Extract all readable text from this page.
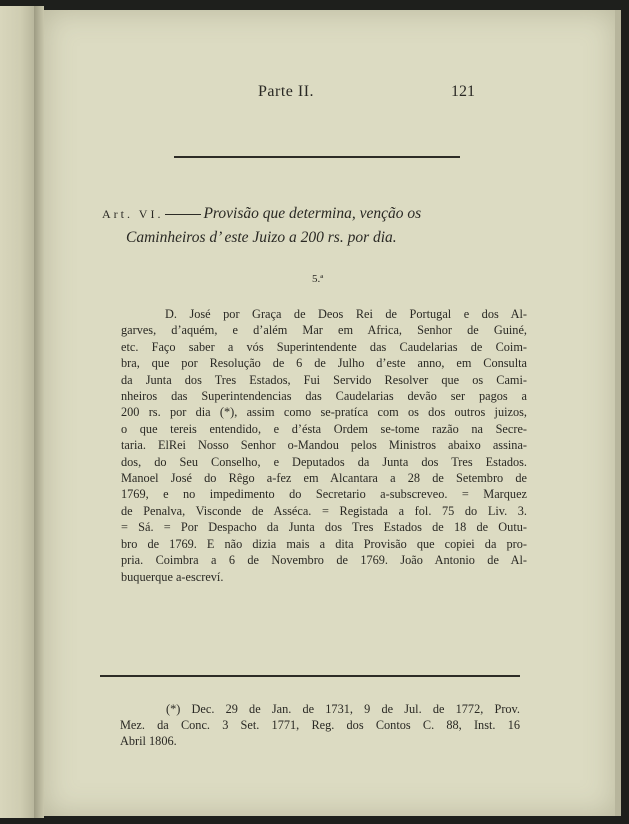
Parte II.	121
Art. VI.	Provisão que determina, venção os
Caminheiros d’ este Juizo a 200 rs. por dia.
5.ª
D. José por Graça de Deos Rei de Portugal e dos Al-
garves, d’aquém, e d’além Mar em Africa, Senhor de Guiné,
etc. Faço saber a vós Superintendente das Caudelarias de Coim-
bra, que por Resolução de 6 de Julho d’este anno, em Consulta
da Junta dos Tres Estados, Fui Servido Resolver que os Cami-
nheiros das Superintendencias das Caudelarias devão ser pagos a
200 rs. por dia (*), assim como se-pratíca com os dos outros juizos,
o que tereis entendido, e d’ésta Ordem se-tome razão na Secre-
taria. ElRei Nosso Senhor o-Mandou pelos Ministros abaixo assina-
dos, do Seu Conselho, e Deputados da Junta dos Tres Estados.
Manoel José do Rêgo a-fez em Alcantara a 28 de Setembro de
1769, e no impedimento do Secretario a-subscreveo. = Marquez
de Penalva, Visconde de Asséca. = Registada a fol. 75 do Liv. 3.
= Sá. = Por Despacho da Junta dos Tres Estados de 18 de Outu-
bro de 1769. E não dizia mais a dita Provisão que copiei da pro-
pria. Coimbra a 6 de Novembro de 1769. João Antonio de Al-
buquerque a-escreví.
(*) Dec. 29 de Jan. de 1731, 9 de Jul. de 1772, Prov.
Mez. da Conc. 3 Set. 1771, Reg. dos Contos C. 88, Inst. 16
Abril 1806.
